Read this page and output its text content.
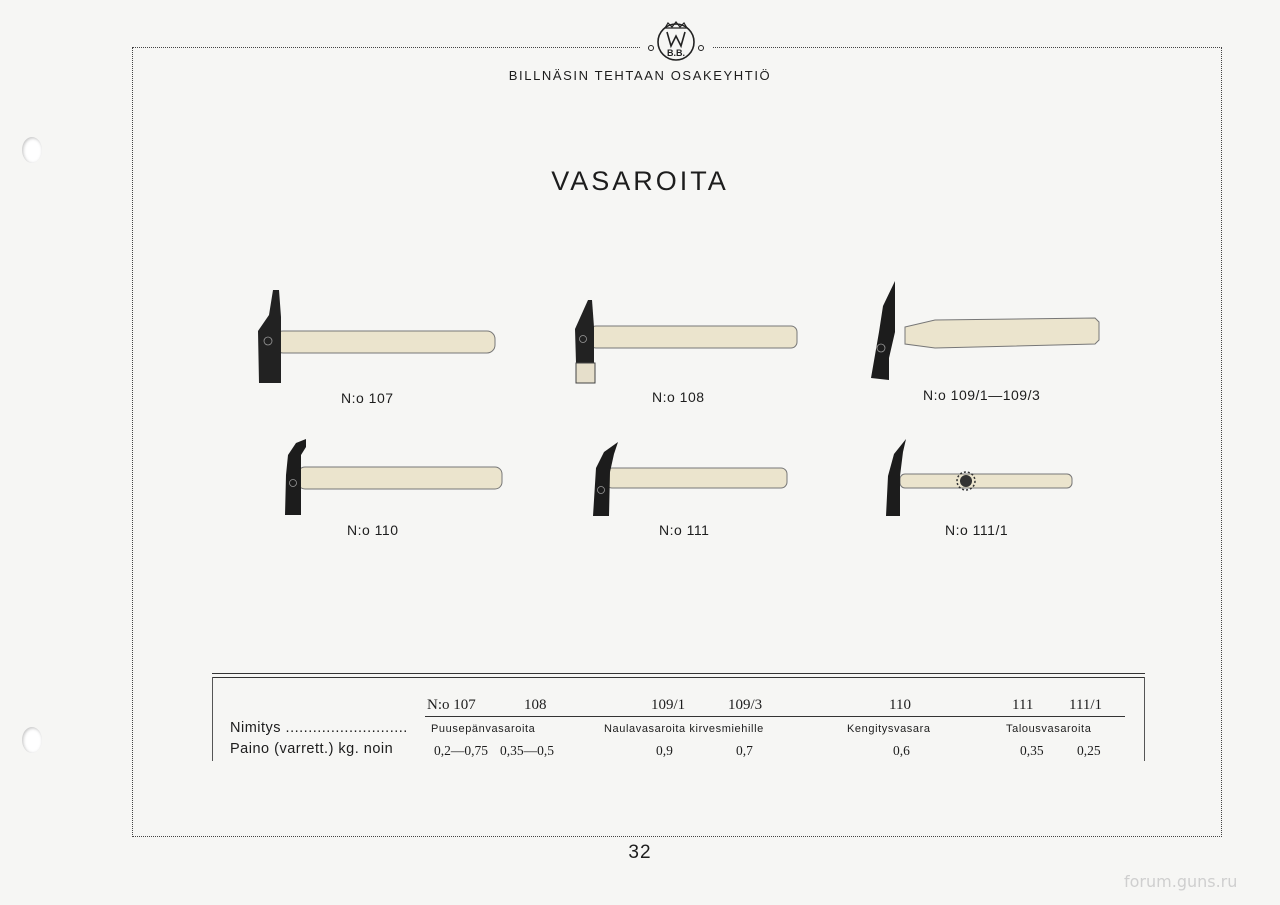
B.B.
BILLNÄSIN TEHTAAN OSAKEYHTIÖ
VASAROITA
N:o 107	N:o 108	N:o 109/1—109/3
N:o 110	N:o 111	N:o 111/1
N:o 107	108	109/1	109/3	110	111 111/1
Nimitys ........................... Puusepänvasaroita	Naulavasaroita kirvesmiehille	Kengitysvasara	Talousvasaroita
Paino (varrett.) kg. noin	0,2—0,75 0,35—0,5	0,9	0,7	0,6	0,35 0,25
32
forum.guns.ru
